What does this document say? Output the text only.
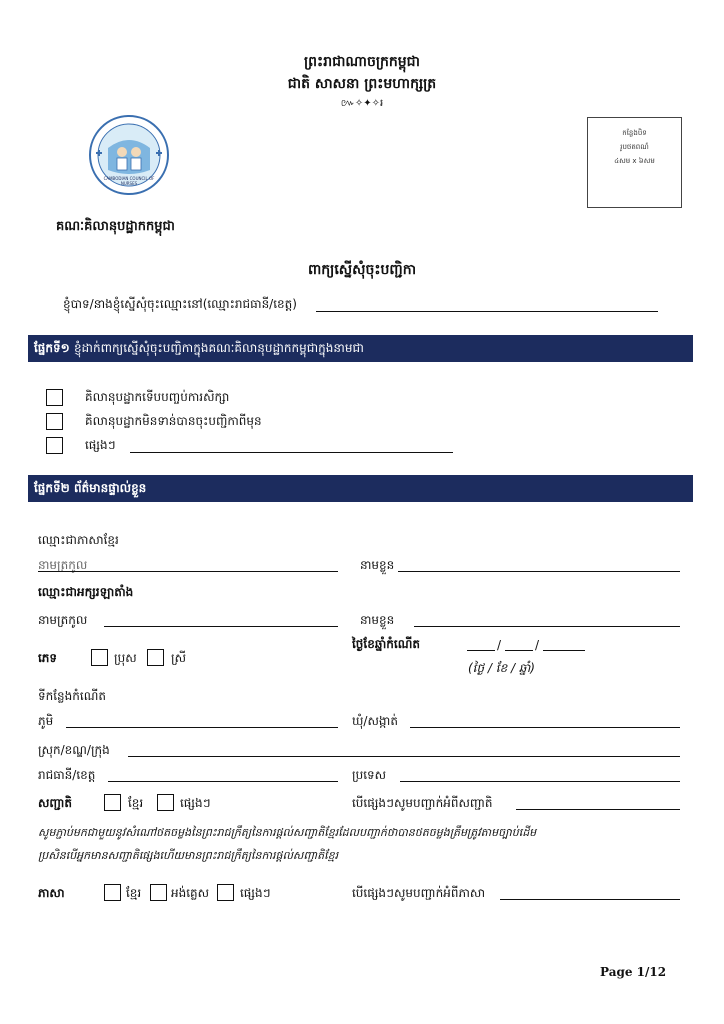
ព្រះរាជាណាចក្រកម្ពុជា
ជាតិ សាសនា ព្រះមហាក្សត្រ
៚✧✦✧៛
CAMBODIAN COUNCIL OF NURSES
កន្លែងបិទ
រូបថតពណ៌
៤សម x ៦សម
គណៈគិលានុបដ្ឋាកកម្ពុជា
ពាក្យស្នើសុំចុះបញ្ជិកា
ខ្ញុំបាទ/នាងខ្ញុំស្នើសុំចុះឈ្មោះនៅ(ឈ្មោះរាជធានី/ខេត្ត)
ផ្នែកទី១ ខ្ញុំដាក់ពាក្យស្នើសុំចុះបញ្ជិកាក្នុងគណៈគិលានុបដ្ឋាកកម្ពុជាក្នុងនាមជា
គិលានុបដ្ឋាកទើបបញ្ចប់ការសិក្សា
គិលានុបដ្ឋាកមិនទាន់បានចុះបញ្ជិកាពីមុន
ផ្សេងៗ
ផ្នែកទី២ ព័ត៌មានផ្ទាល់ខ្លួន
ឈ្មោះជាភាសាខ្មែរ
នាមត្រកូល	នាមខ្លួន
ឈ្មោះជាអក្សរឡាតាំង
នាមត្រកូល	នាមខ្លួន
ភេទ	ប្រុស	ស្រី
ថ្ងៃខែឆ្នាំកំណើត	/	/
(ថ្ងៃ / ខែ / ឆ្នាំ)
ទីកន្លែងកំណើត
ភូមិ	ឃុំ/សង្កាត់
ស្រុក/ខណ្ឌ/ក្រុង
រាជធានី/ខេត្ត	ប្រទេស
សញ្ជាតិ	ខ្មែរ	ផ្សេងៗ	បើផ្សេងៗសូមបញ្ជាក់អំពីសញ្ជាតិ
សូមភ្ជាប់មកជាមួយនូវសំណៅថតចម្លងនៃព្រះរាជក្រឹត្យនៃការផ្តល់សញ្ជាតិខ្មែរដែលបញ្ជាក់ថាបានថតចម្លងត្រឹមត្រូវតាមច្បាប់ដើម
ប្រសិនបើអ្នកមានសញ្ជាតិផ្សេងហើយមានព្រះរាជក្រឹត្យនៃការផ្តល់សញ្ជាតិខ្មែរ
ភាសា	ខ្មែរ អង់គ្លេស	ផ្សេងៗ	បើផ្សេងៗសូមបញ្ជាក់អំពីភាសា
Page 1/12
